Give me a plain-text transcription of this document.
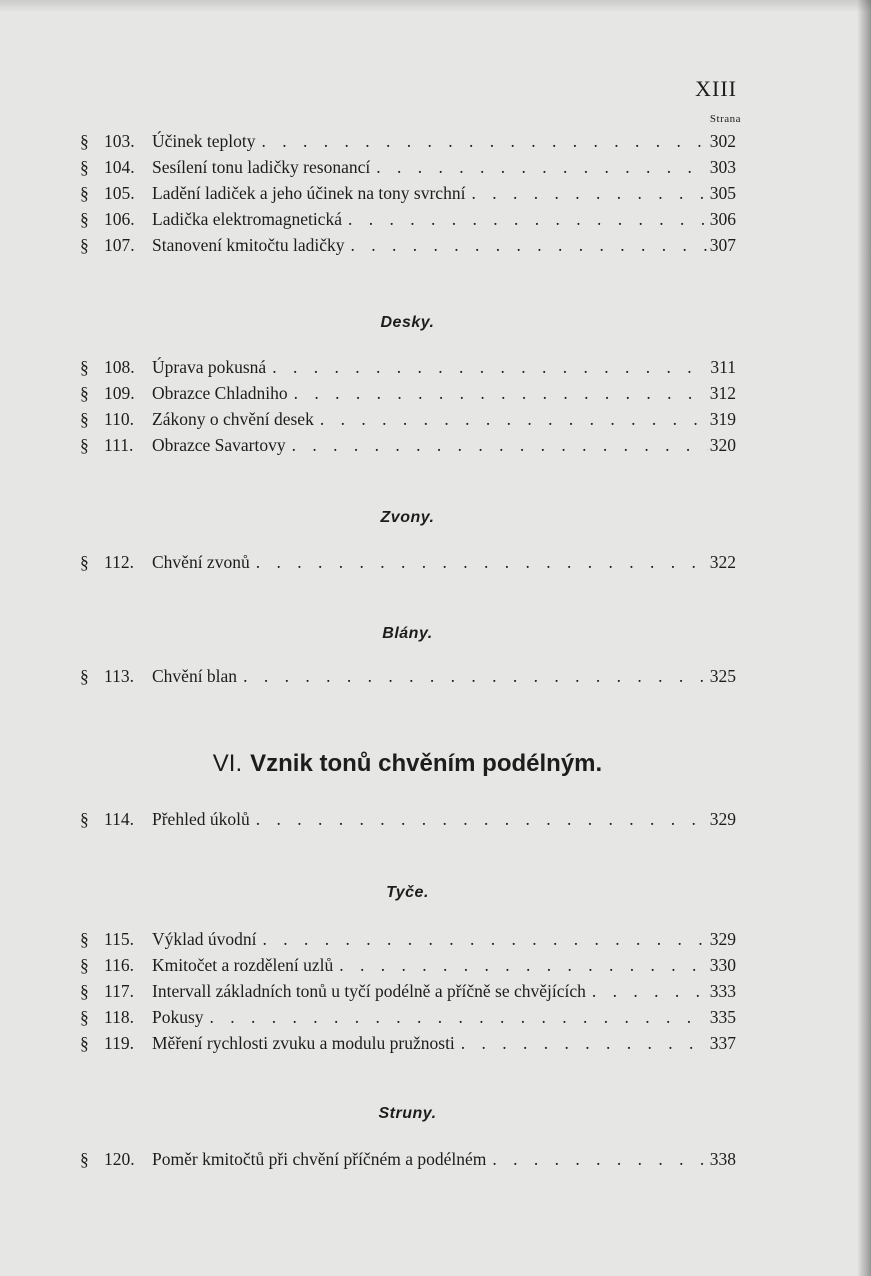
XIII
Strana
§ 103. Účinek teploty . . .	302
§ 104. Sesílení tonu ladičky resonancí . . .	303
§ 105. Ladění ladiček a jeho účinek na tony svrchní . . .	305
§ 106. Ladička elektromagnetická . . .	306
§ 107. Stanovení kmitočtu ladičky . . .	307
Desky.
§ 108. Úprava pokusná . . .	311
§ 109. Obrazce Chladniho . . .	312
§ 110.	Zákony o chvění desek . . .	319
§ 111.	Obrazce Savartovy . . .	320
Zvony.
§ 112.	Chvění zvonů . . .	322
Blány.
§ 113.	Chvění blan . . .	325
VI. Vznik tonů chvěním podélným.
§ 114.	Přehled úkolů . . .	329
Tyče.
§ 115.	Výklad úvodní . . .	329
§ 116.	Kmitočet a rozdělení uzlů . . .	330
§ 117.	Intervall základních tonů u tyčí podélně a příčně se chvějících . . .	333
§ 118.	Pokusy . . .	335
§ 119.	Měření rychlosti zvuku a modulu pružnosti . . .	337
Struny.
§ 120. Poměr kmitočtů při chvění příčném a podélném . . .	338
